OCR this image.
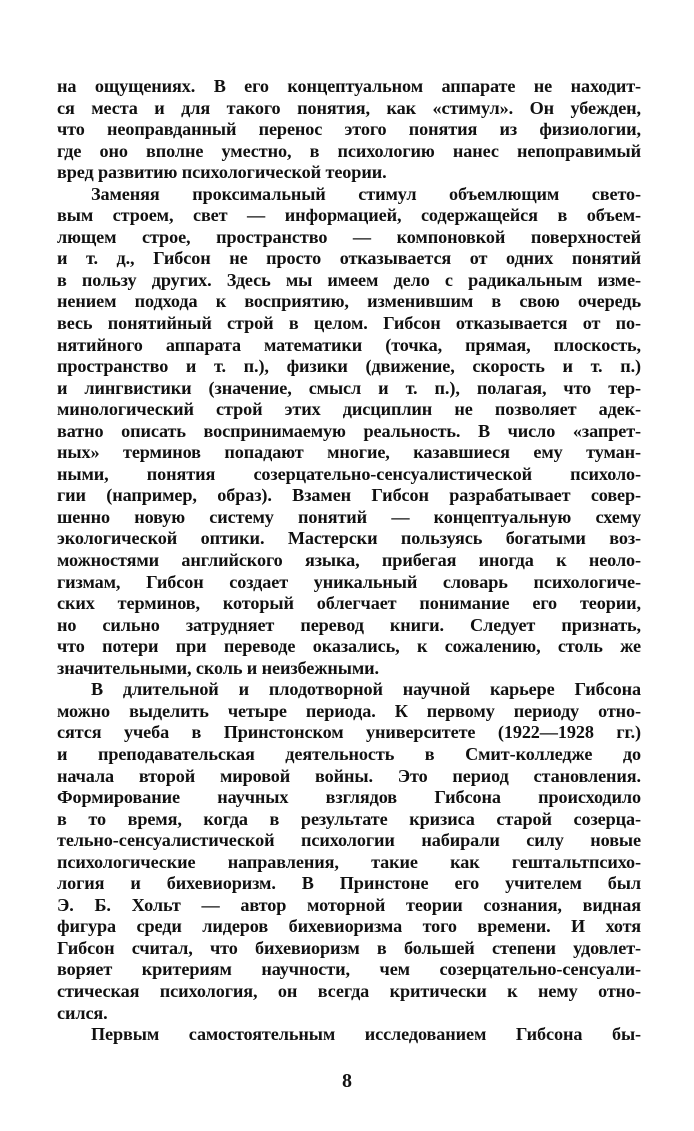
на ощущениях. В его концептуальном аппарате не находит-
ся места и для такого понятия, как «стимул». Он убежден,
что неоправданный перенос этого понятия из физиологии,
где оно вполне уместно, в психологию нанес непоправимый
вред развитию психологической теории.
Заменяя проксимальный стимул объемлющим свето-
вым строем, свет — информацией, содержащейся в объем-
лющем строе, пространство — компоновкой поверхностей
и т. д., Гибсон не просто отказывается от одних понятий
в пользу других. Здесь мы имеем дело с радикальным изме-
нением подхода к восприятию, изменившим в свою очередь
весь понятийный строй в целом. Гибсон отказывается от по-
нятийного аппарата математики (точка, прямая, плоскость,
пространство и т. п.), физики (движение, скорость и т. п.)
и лингвистики (значение, смысл и т. п.), полагая, что тер-
минологический строй этих дисциплин не позволяет адек-
ватно описать воспринимаемую реальность. В число «запрет-
ных» терминов попадают многие, казавшиеся ему туман-
ными, понятия созерцательно-сенсуалистической психоло-
гии (например, образ). Взамен Гибсон разрабатывает совер-
шенно новую систему понятий — концептуальную схему
экологической оптики. Мастерски пользуясь богатыми воз-
можностями английского языка, прибегая иногда к неоло-
гизмам, Гибсон создает уникальный словарь психологиче-
ских терминов, который облегчает понимание его теории,
но сильно затрудняет перевод книги. Следует признать,
что потери при переводе оказались, к сожалению, столь же
значительными, сколь и неизбежными.
В длительной и плодотворной научной карьере Гибсона
можно выделить четыре периода. К первому периоду отно-
сятся учеба в Принстонском университете (1922—1928 гг.)
и преподавательская деятельность в Смит-колледже до
начала второй мировой войны. Это период становления.
Формирование научных взглядов Гибсона происходило
в то время, когда в результате кризиса старой созерца-
тельно-сенсуалистической психологии набирали силу новые
психологические направления, такие как гештальтпсихо-
логия и бихевиоризм. В Принстоне его учителем был
Э. Б. Хольт — автор моторной теории сознания, видная
фигура среди лидеров бихевиоризма того времени. И хотя
Гибсон считал, что бихевиоризм в большей степени удовлет-
воряет критериям научности, чем созерцательно-сенсуали-
стическая психология, он всегда критически к нему отно-
сился.
Первым самостоятельным исследованием Гибсона бы-
8
